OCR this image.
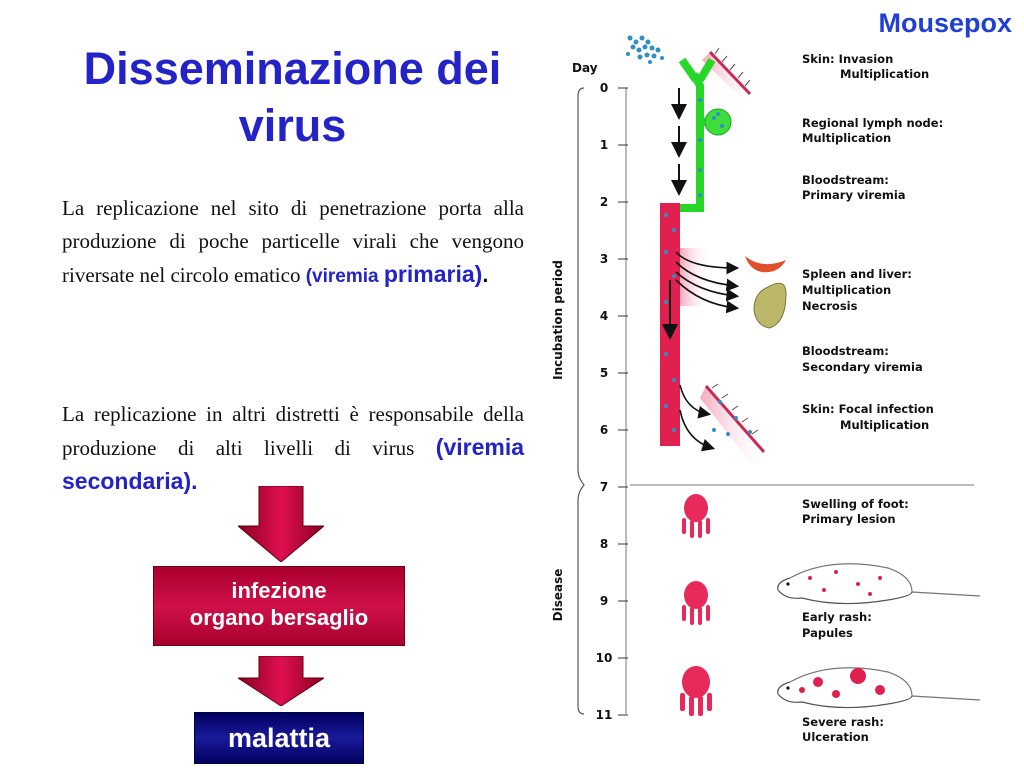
Mousepox
Disseminazione dei
virus
La replicazione nel sito di penetrazione porta alla produzione di poche particelle virali che vengono riversate nel circolo ematico (viremia primaria).
La replicazione in altri distretti è responsabile della produzione di alti livelli di virus (viremia secondaria).
infezione
organo bersaglio
malattia
Day
0
1
2
3
4
5
6
7
8
9
10
11
Incubation period
Disease
Skin: Invasion
Multiplication
Regional lymph node:
Multiplication
Bloodstream:
Primary viremia
Spleen and liver:
Multiplication
Necrosis
Bloodstream:
Secondary viremia
Skin: Focal infection
Multiplication
Swelling of foot:
Primary lesion
Early rash:
Papules
Severe rash:
Ulceration
